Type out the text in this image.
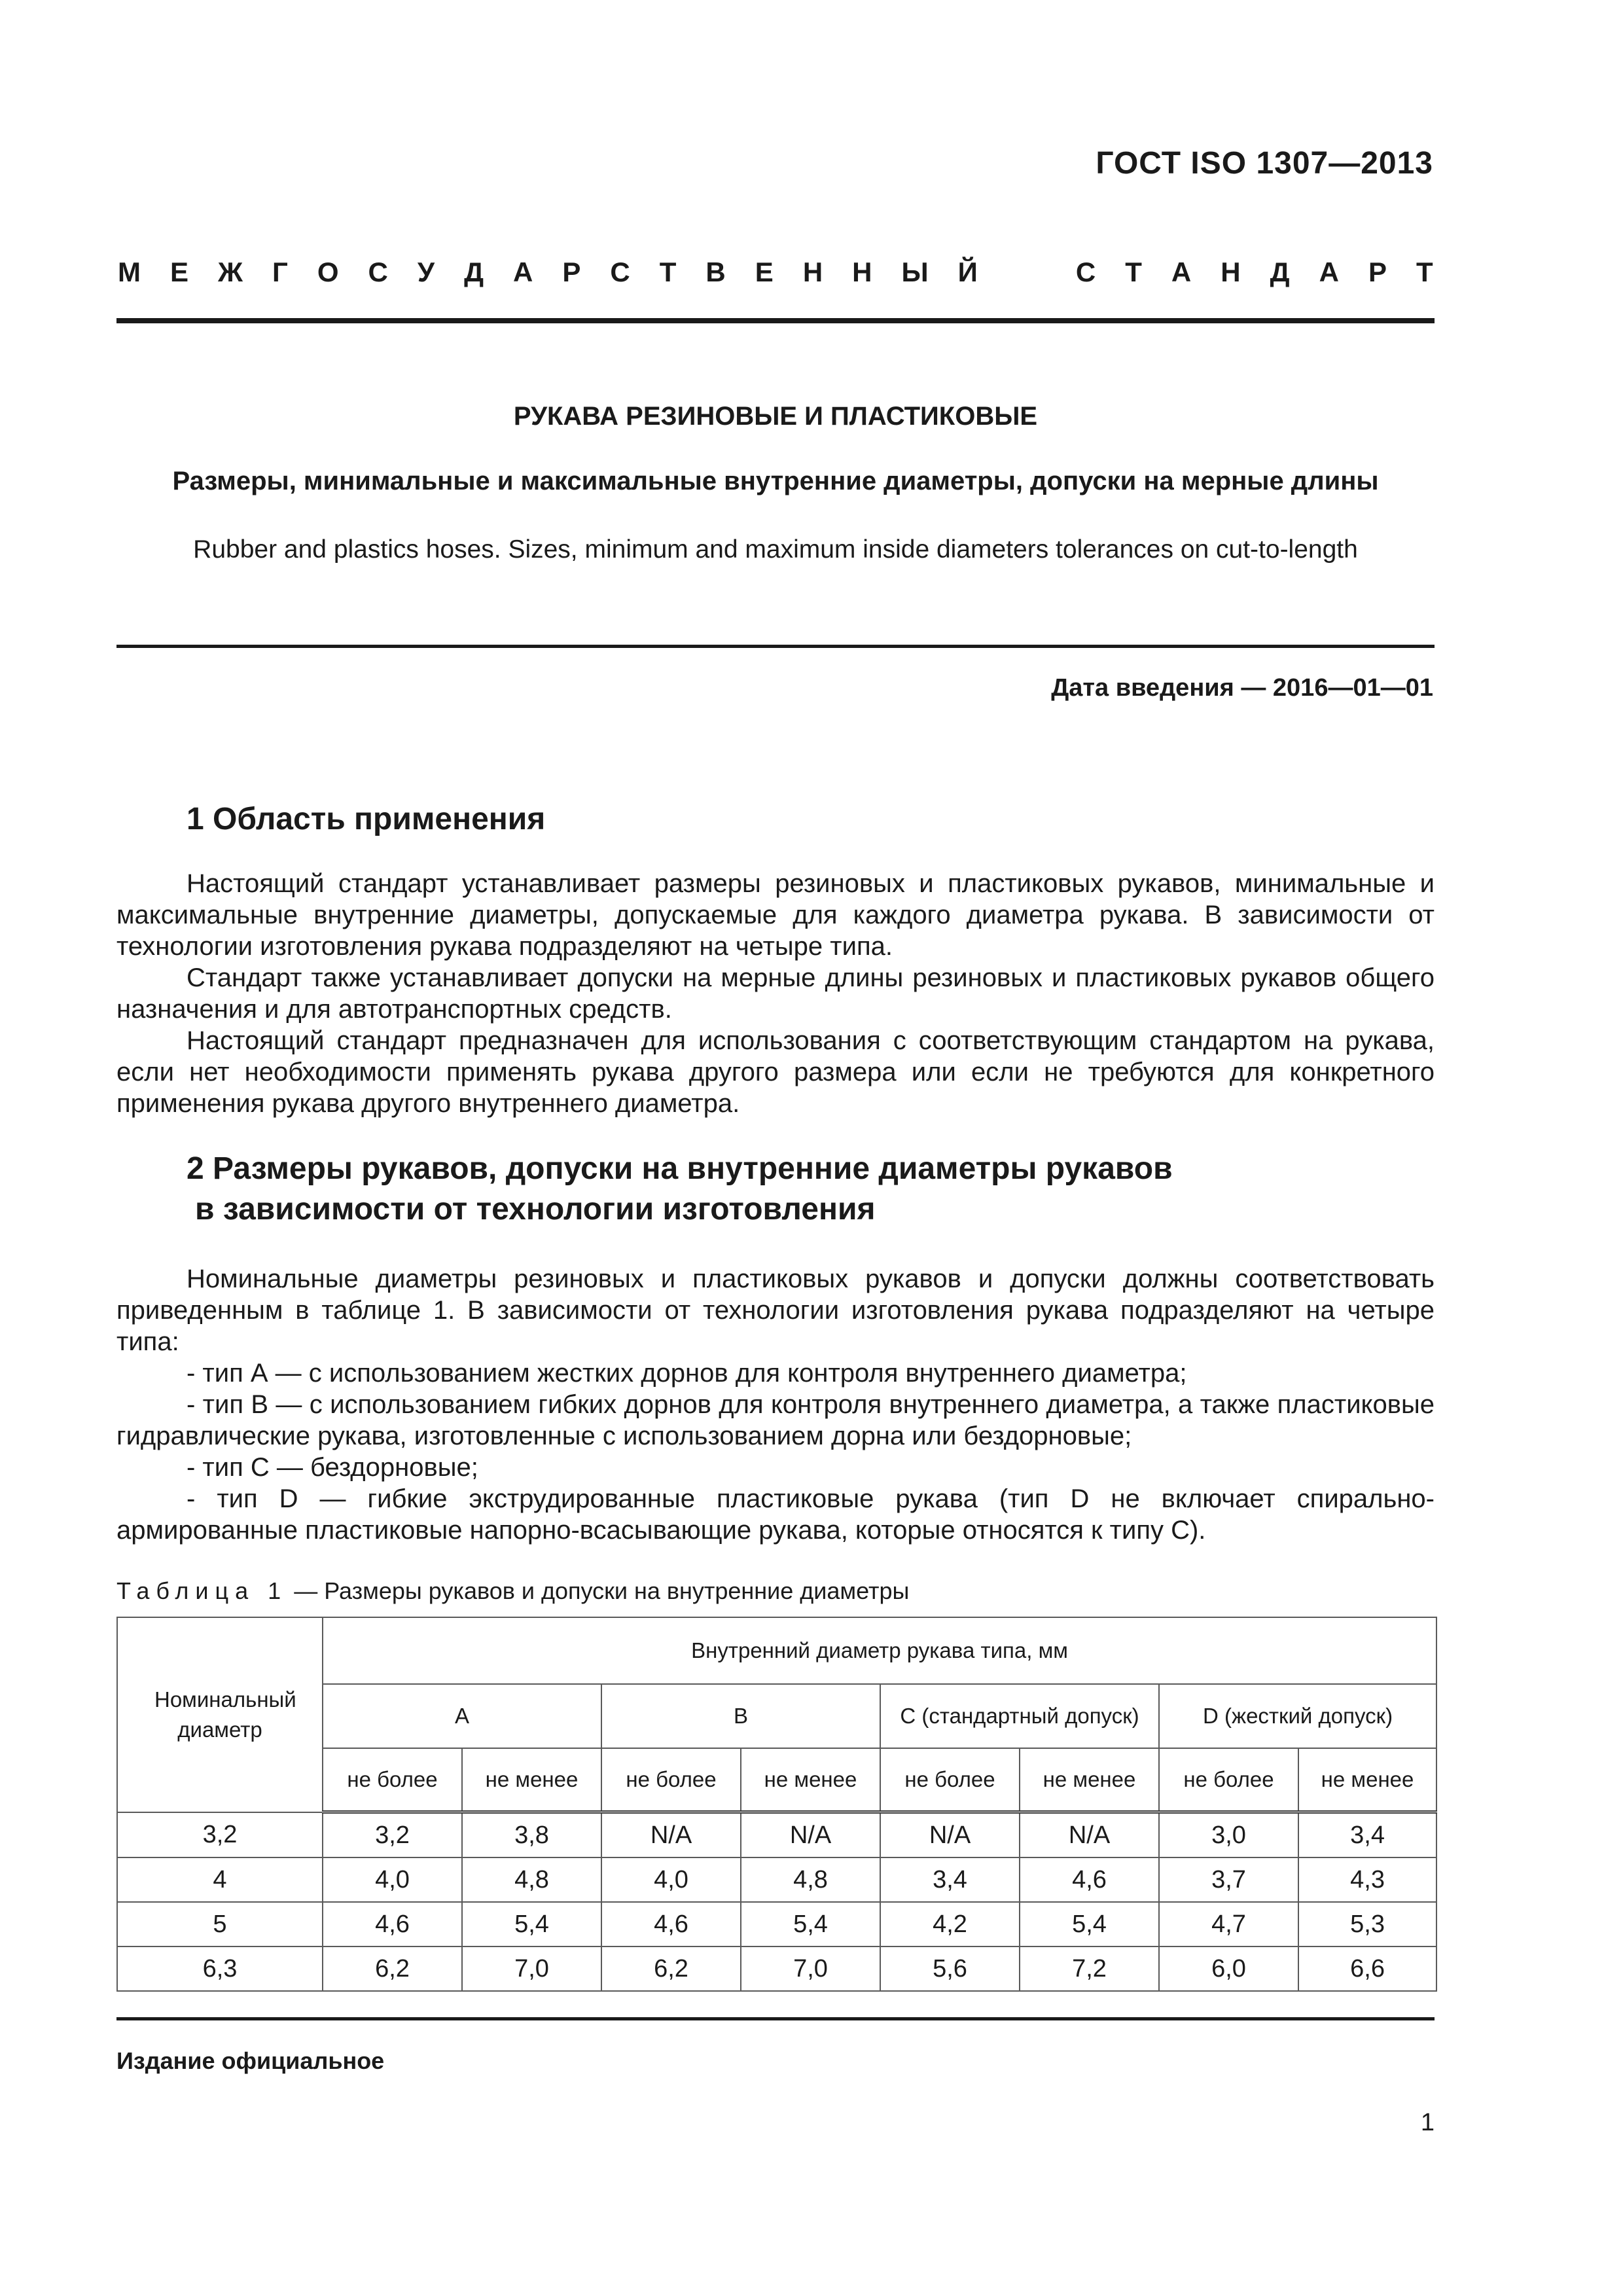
ГОСТ ISO 1307—2013
М Е Ж Г О С У Д А Р С Т В Е Н Н Ы Й	С Т А Н Д А Р Т
РУКАВА РЕЗИНОВЫЕ И ПЛАСТИКОВЫЕ
Размеры, минимальные и максимальные внутренние диаметры, допуски на мерные длины
Rubber and plastics hoses. Sizes, minimum and maximum inside diameters tolerances on cut-to-length
Дата введения — 2016—01—01
1 Область применения

Настоящий стандарт устанавливает размеры резиновых и пластиковых рукавов, минимальные и максимальные внутренние диаметры, допускаемые для каждого диаметра рукава. В зависимости от технологии изготовления рукава подразделяют на четыре типа.

Стандарт также устанавливает допуски на мерные длины резиновых и пластиковых рукавов общего назначения и для автотранспортных средств.

Настоящий стандарт предназначен для использования с соответствующим стандартом на рукава, если нет необходимости применять рукава другого размера или если не требуются для конкретного применения рукава другого внутреннего диаметра.

2 Размеры рукавов, допуски на внутренние диаметры рукавов
в зависимости от технологии изготовления

Номинальные диаметры резиновых и пластиковых рукавов и допуски должны соответствовать приведенным в таблице 1. В зависимости от технологии изготовления рукава подразделяют на четыре типа:

- тип А — с использованием жестких дорнов для контроля внутреннего диаметра;

- тип В — с использованием гибких дорнов для контроля внутреннего диаметра, а также пластиковые гидравлические рукава, изготовленные с использованием дорна или бездорновые;

- тип С — бездорновые;

- тип D — гибкие экструдированные пластиковые рукава (тип D не включает спирально-армированные пластиковые напорно-всасывающие рукава, которые относятся к типу С).

Таблица 1 — Размеры рукавов и допуски на внутренние диаметры
Номинальный диаметр	Внутренний диаметр рукава типа, мм							
	А		В		С (стандартный допуск)		D (жесткий допуск)	
	не более	не менее	не более	не менее	не более	не менее	не более	не менее
3,2	3,2	3,8	N/A	N/A	N/A	N/A	3,0	3,4
4	4,0	4,8	4,0	4,8	3,4	4,6	3,7	4,3
5	4,6	5,4	4,6	5,4	4,2	5,4	4,7	5,3
6,3	6,2	7,0	6,2	7,0	5,6	7,2	6,0	6,6
Издание официальное
1
